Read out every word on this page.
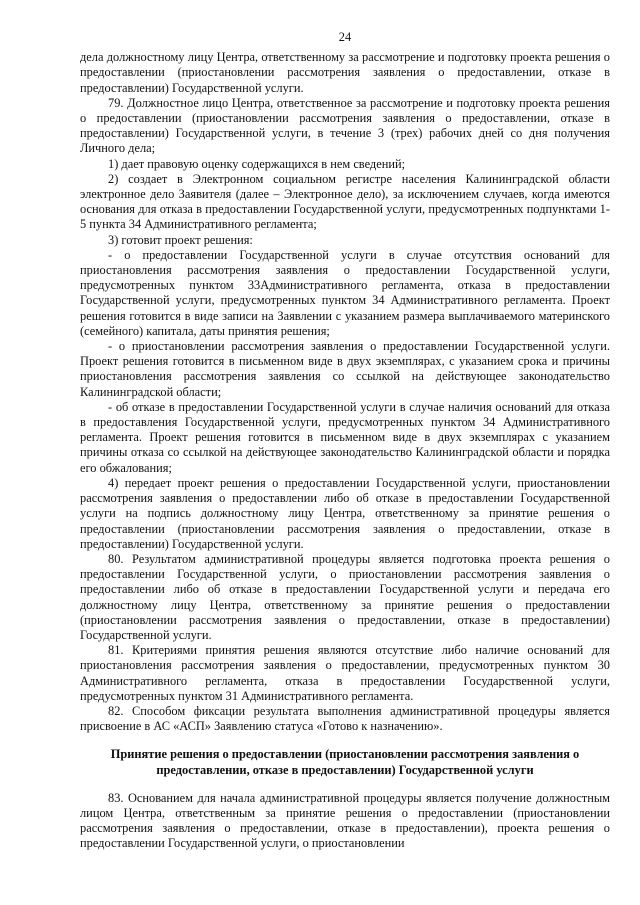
24

дела должностному лицу Центра, ответственному за рассмотрение и подготовку проекта решения о предоставлении (приостановлении рассмотрения заявления о предоставлении, отказе в предоставлении) Государственной услуги.

79. Должностное лицо Центра, ответственное за рассмотрение и подготовку проекта решения о предоставлении (приостановлении рассмотрения заявления о предоставлении, отказе в предоставлении) Государственной услуги, в течение 3 (трех) рабочих дней со дня получения Личного дела;

1) дает правовую оценку содержащихся в нем сведений;

2) создает в Электронном социальном регистре населения Калининградской области электронное дело Заявителя (далее – Электронное дело), за исключением случаев, когда имеются основания для отказа в предоставлении Государственной услуги, предусмотренных подпунктами 1-5 пункта 34 Административного регламента;

3) готовит проект решения:

- о предоставлении Государственной услуги в случае отсутствия оснований для приостановления рассмотрения заявления о предоставлении Государственной услуги, предусмотренных пунктом 33Административного регламента, отказа в предоставлении Государственной услуги, предусмотренных пунктом 34 Административного регламента. Проект решения готовится в виде записи на Заявлении с указанием размера выплачиваемого материнского (семейного) капитала, даты принятия решения;

- о приостановлении рассмотрения заявления о предоставлении Государственной услуги. Проект решения готовится в письменном виде в двух экземплярах, с указанием срока и причины приостановления рассмотрения заявления со ссылкой на действующее законодательство Калининградской области;

- об отказе в предоставлении Государственной услуги в случае наличия оснований для отказа в предоставления Государственной услуги, предусмотренных пунктом 34 Административного регламента. Проект решения готовится в письменном виде в двух экземплярах с указанием причины отказа со ссылкой на действующее законодательство Калининградской области и порядка его обжалования;

4) передает проект решения о предоставлении Государственной услуги, приостановлении рассмотрения заявления о предоставлении либо об отказе в предоставлении Государственной услуги на подпись должностному лицу Центра, ответственному за принятие решения о предоставлении (приостановлении рассмотрения заявления о предоставлении, отказе в предоставлении) Государственной услуги.

80. Результатом административной процедуры является подготовка проекта решения о предоставлении Государственной услуги, о приостановлении рассмотрения заявления о предоставлении либо об отказе в предоставлении Государственной услуги и передача его должностному лицу Центра, ответственному за принятие решения о предоставлении (приостановлении рассмотрения заявления о предоставлении, отказе в предоставлении) Государственной услуги.

81. Критериями принятия решения являются отсутствие либо наличие оснований для приостановления рассмотрения заявления о предоставлении, предусмотренных пунктом 30 Административного регламента, отказа в предоставлении Государственной услуги, предусмотренных пунктом 31 Административного регламента.

82. Способом фиксации результата выполнения административной процедуры является присвоение в АС «АСП» Заявлению статуса «Готово к назначению».

Принятие решения о предоставлении (приостановлении рассмотрения заявления о предоставлении, отказе в предоставлении) Государственной услуги

83. Основанием для начала административной процедуры является получение должностным лицом Центра, ответственным за принятие решения о предоставлении (приостановлении рассмотрения заявления о предоставлении, отказе в предоставлении), проекта решения о предоставлении Государственной услуги, о приостановлении
